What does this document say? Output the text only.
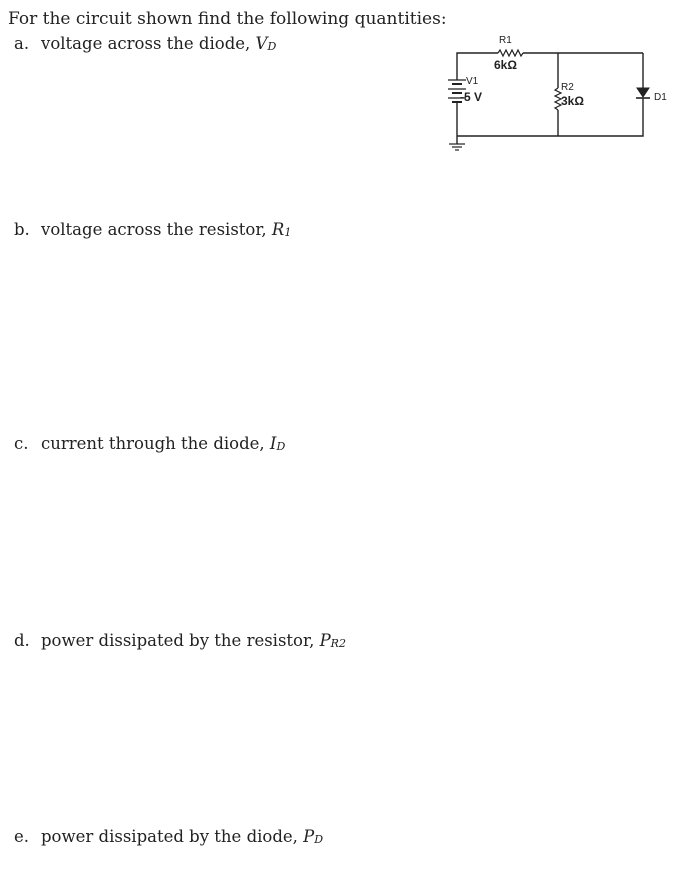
For the circuit shown find the following quantities:
a. voltage across the diode, $V_D$
b. voltage across the resistor, $R_1$
c. current through the diode, $I_D$
d. power dissipated by the resistor, $P_{R2}$
e. power dissipated by the diode, $P_D$
R1
6kΩ
V1
-5 V
R2
3kΩ	D1
